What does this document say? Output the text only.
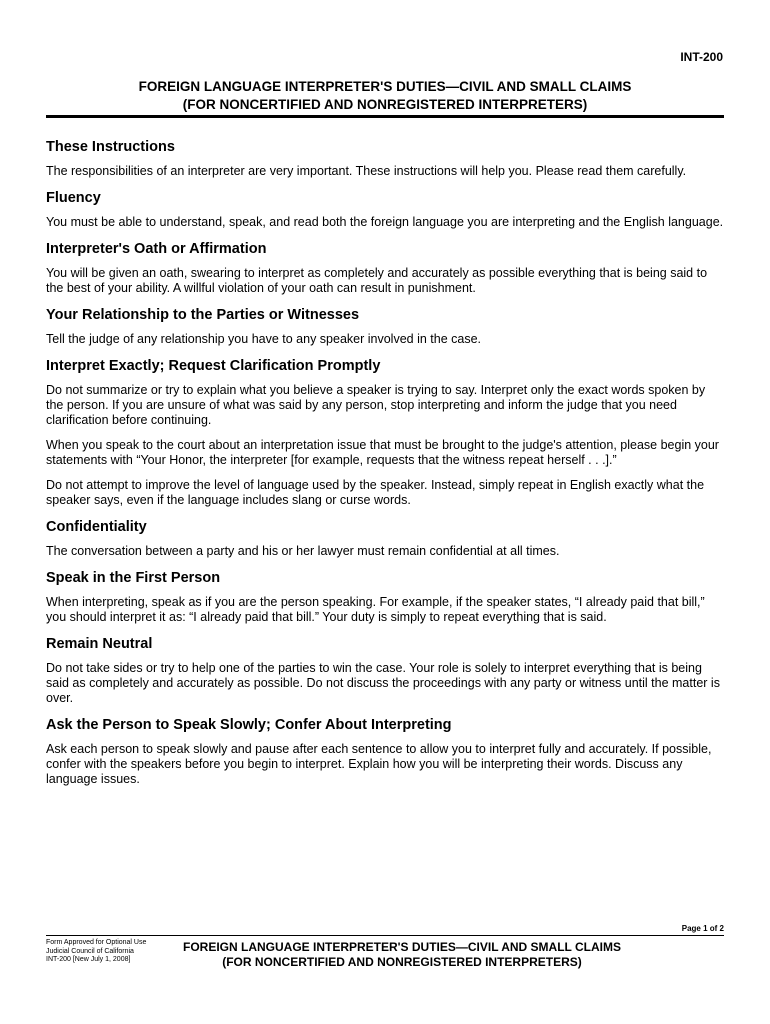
INT-200
FOREIGN LANGUAGE INTERPRETER'S DUTIES—CIVIL AND SMALL CLAIMS
(FOR NONCERTIFIED AND NONREGISTERED INTERPRETERS)
These Instructions

The responsibilities of an interpreter are very important. These instructions will help you. Please read them carefully.

Fluency

You must be able to understand, speak, and read both the foreign language you are interpreting and the English language.

Interpreter's Oath or Affirmation

You will be given an oath, swearing to interpret as completely and accurately as possible everything that is being said to the best of your ability. A willful violation of your oath can result in punishment.

Your Relationship to the Parties or Witnesses

Tell the judge of any relationship you have to any speaker involved in the case.

Interpret Exactly; Request Clarification Promptly

Do not summarize or try to explain what you believe a speaker is trying to say. Interpret only the exact words spoken by the person. If you are unsure of what was said by any person, stop interpreting and inform the judge that you need clarification before continuing.

When you speak to the court about an interpretation issue that must be brought to the judge's attention, please begin your statements with “Your Honor, the interpreter [for example, requests that the witness repeat herself . . .].”

Do not attempt to improve the level of language used by the speaker. Instead, simply repeat in English exactly what the speaker says, even if the language includes slang or curse words.

Confidentiality

The conversation between a party and his or her lawyer must remain confidential at all times.

Speak in the First Person

When interpreting, speak as if you are the person speaking. For example, if the speaker states, “I already paid that bill,” you should interpret it as: “I already paid that bill.” Your duty is simply to repeat everything that is said.

Remain Neutral

Do not take sides or try to help one of the parties to win the case. Your role is solely to interpret everything that is being said as completely and accurately as possible. Do not discuss the proceedings with any party or witness until the matter is over.

Ask the Person to Speak Slowly; Confer About Interpreting

Ask each person to speak slowly and pause after each sentence to allow you to interpret fully and accurately. If possible, confer with the speakers before you begin to interpret. Explain how you will be interpreting their words. Discuss any language issues.

Page 1 of 2
Form Approved for Optional Use
Judicial Council of California
INT-200 [New July 1, 2008]
FOREIGN LANGUAGE INTERPRETER'S DUTIES—CIVIL AND SMALL CLAIMS
(FOR NONCERTIFIED AND NONREGISTERED INTERPRETERS)
